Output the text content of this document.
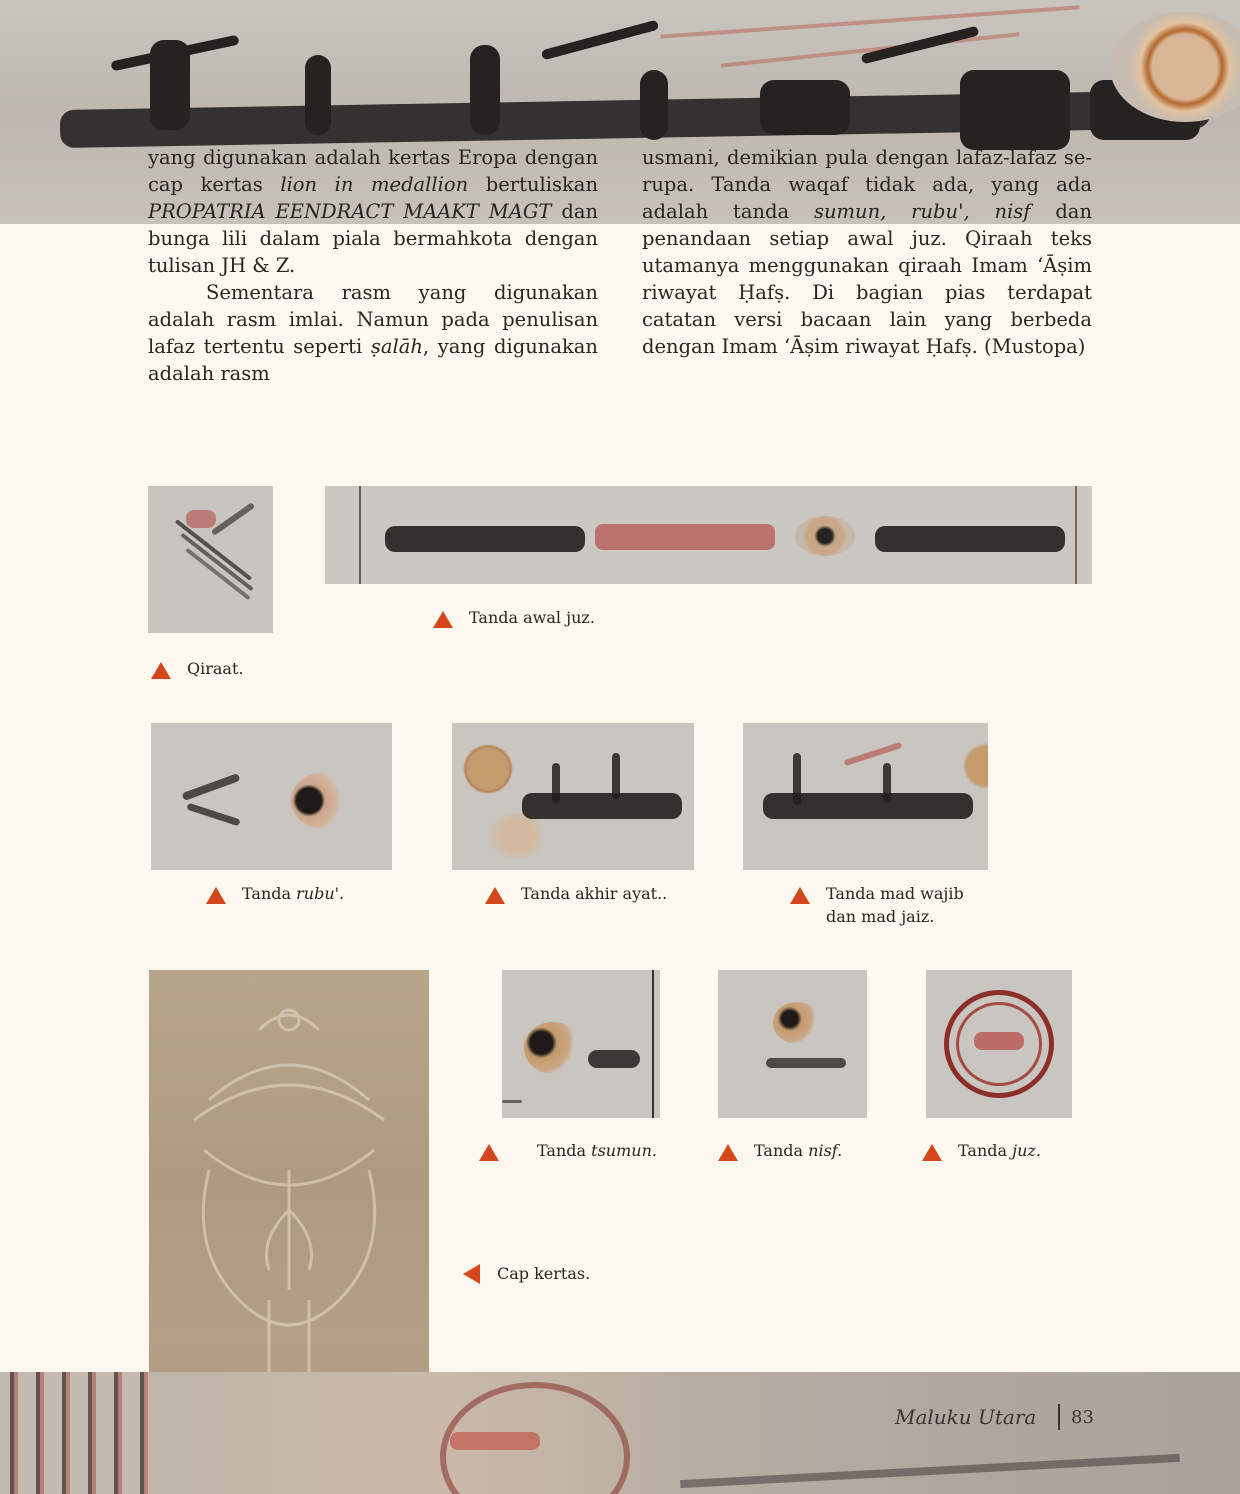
yang digunakan adalah kertas Eropa dengan cap kertas lion in medallion bertuliskan PROPATRIA EENDRACT MAAKT MAGT dan bunga lili dalam piala bermahkota dengan tulisan JH & Z.

Sementara rasm yang digunakan adalah rasm imlai. Namun pada penulisan lafaz tertentu seperti ṣalāh, yang digunakan adalah rasm

usmani, demikian pula dengan lafaz-lafaz serupa. Tanda waqaf tidak ada, yang ada adalah tanda sumun, rubu', nisf dan penandaan setiap awal juz. Qiraah teks utamanya menggunakan qiraah Imam ‘Āṣim riwayat Ḥafṣ. Di bagian pias terdapat catatan versi bacaan lain yang berbeda dengan Imam ‘Āṣim riwayat Ḥafṣ. (Mustopa)

Qiraat.
Tanda awal juz.
Tanda rubu'.	Tanda akhir ayat..	Tanda mad wajib
dan mad jaiz.
Tanda tsumun.	Tanda nisf.	Tanda juz.
Cap kertas.
Maluku Utara 83
